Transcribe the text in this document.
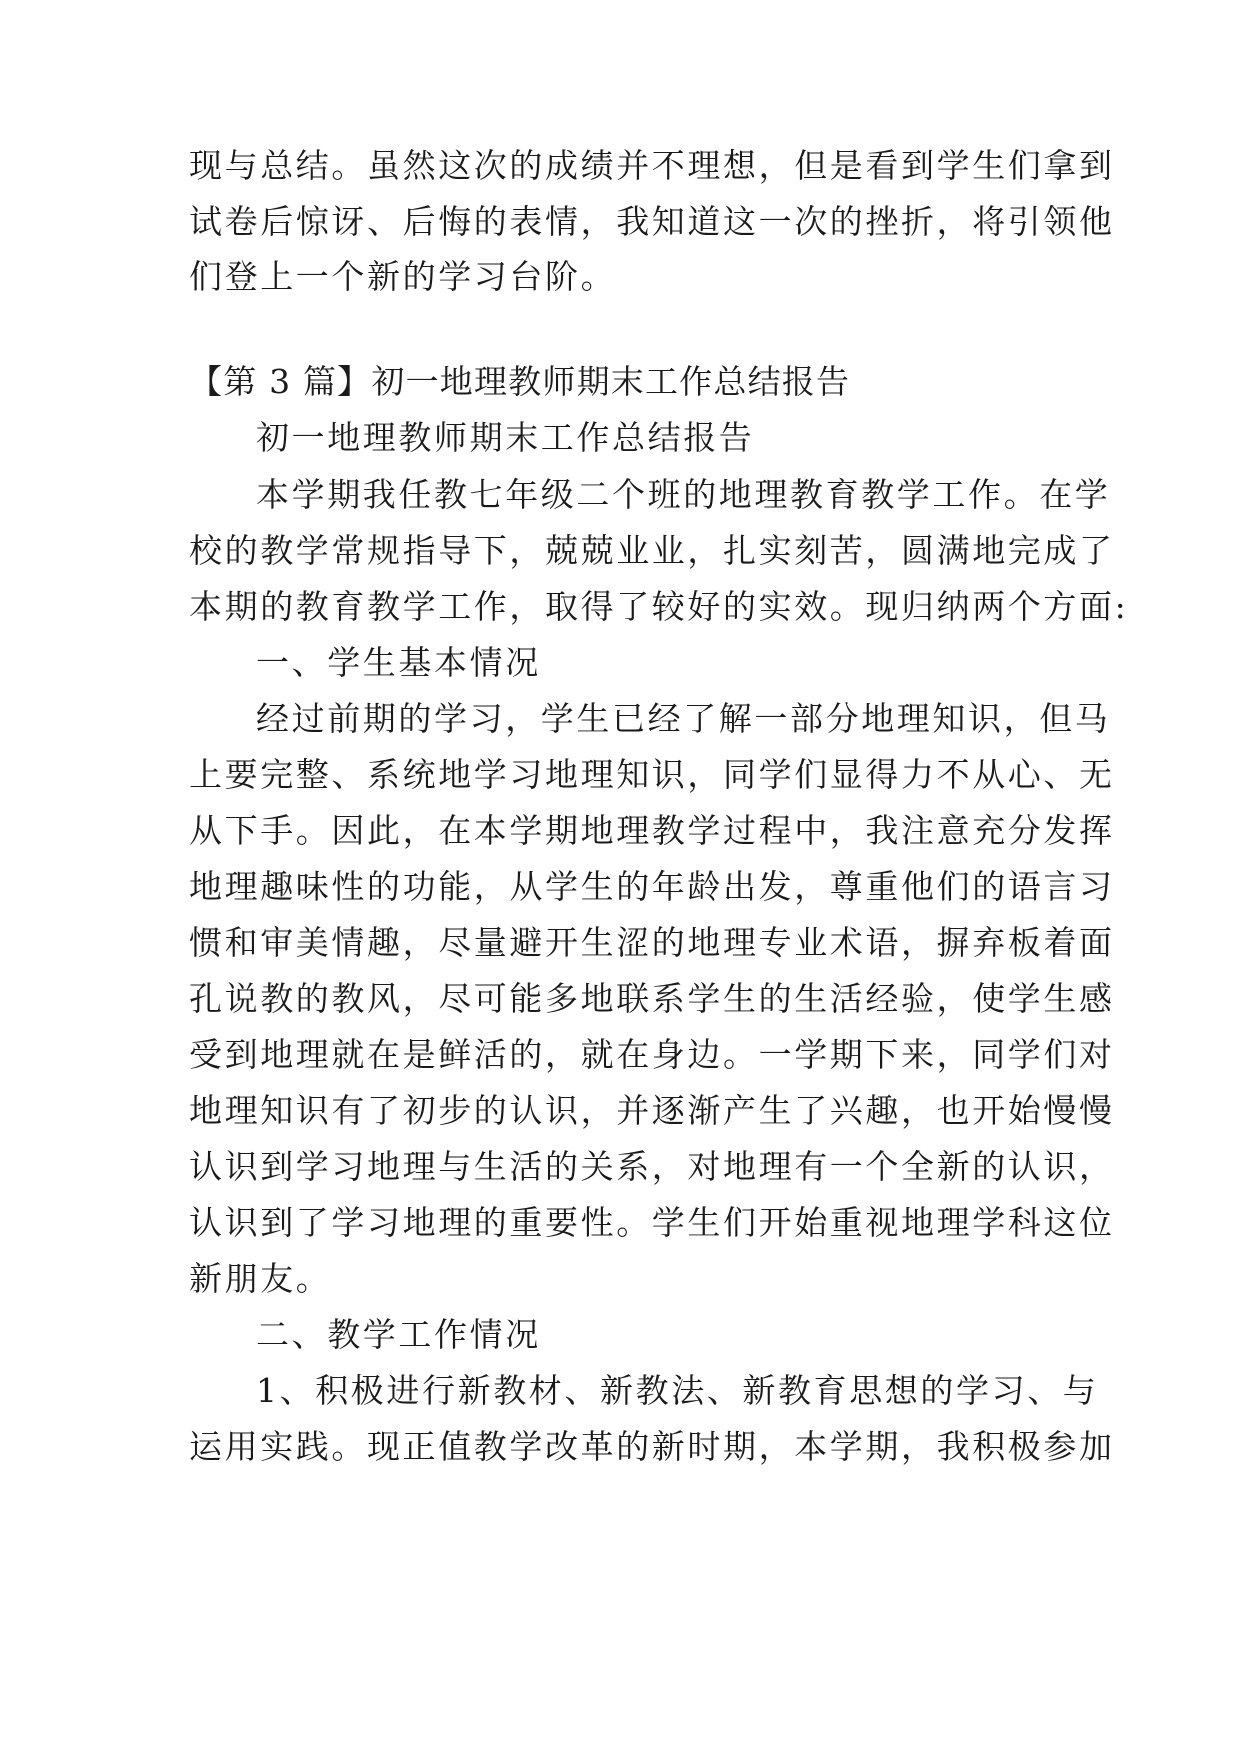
现与总结。虽然这次的成绩并不理想，但是看到学生们拿到
试卷后惊讶、后悔的表情，我知道这一次的挫折，将引领他
们登上一个新的学习台阶。
【第 3 篇】初一地理教师期末工作总结报告
初一地理教师期末工作总结报告
本学期我任教七年级二个班的地理教育教学工作。在学
校的教学常规指导下，兢兢业业，扎实刻苦，圆满地完成了
本期的教育教学工作，取得了较好的实效。现归纳两个方面:
一、学生基本情况
经过前期的学习，学生已经了解一部分地理知识，但马
上要完整、系统地学习地理知识，同学们显得力不从心、无
从下手。因此，在本学期地理教学过程中，我注意充分发挥
地理趣味性的功能，从学生的年龄出发，尊重他们的语言习
惯和审美情趣，尽量避开生涩的地理专业术语，摒弃板着面
孔说教的教风，尽可能多地联系学生的生活经验，使学生感
受到地理就在是鲜活的，就在身边。一学期下来，同学们对
地理知识有了初步的认识，并逐渐产生了兴趣，也开始慢慢
认识到学习地理与生活的关系，对地理有一个全新的认识，
认识到了学习地理的重要性。学生们开始重视地理学科这位
新朋友。
二、教学工作情况
1、积极进行新教材、新教法、新教育思想的学习、与
运用实践。现正值教学改革的新时期，本学期，我积极参加
